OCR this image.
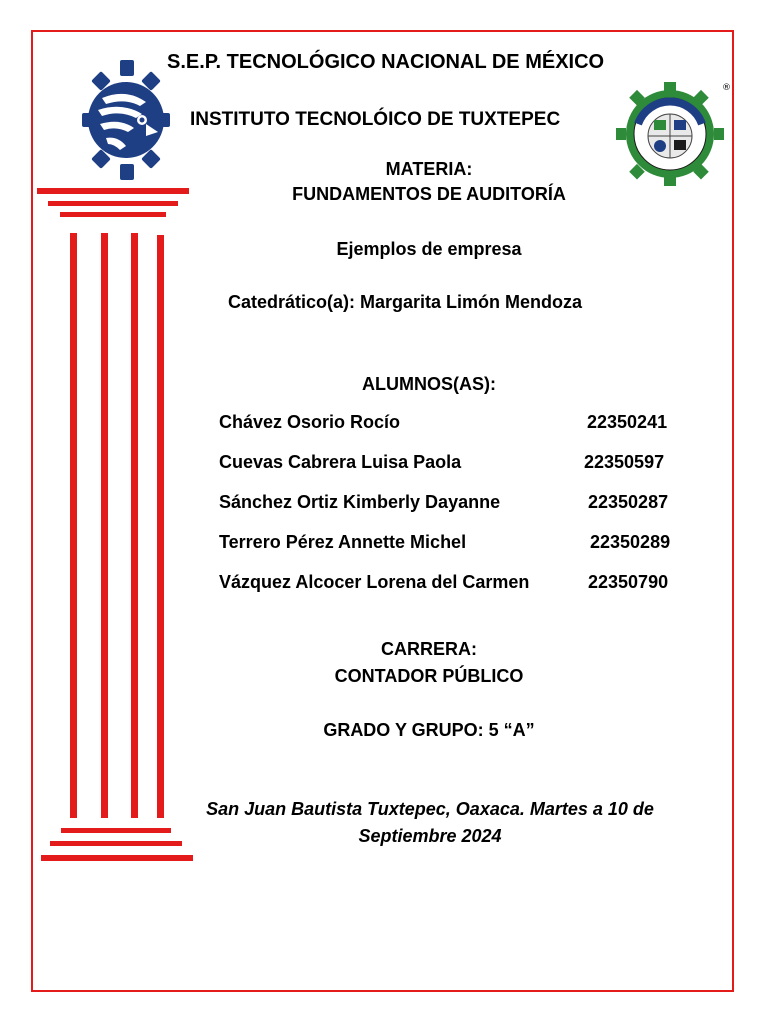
®
S.E.P. TECNOLÓGICO NACIONAL DE MÉXICO
INSTITUTO TECNOLÓICO DE TUXTEPEC
MATERIA:
FUNDAMENTOS DE AUDITORÍA
Ejemplos de empresa
Catedrático(a): Margarita Limón Mendoza
ALUMNOS(AS):
Chávez Osorio Rocío	22350241
Cuevas Cabrera Luisa Paola	22350597
Sánchez Ortiz Kimberly Dayanne	22350287
Terrero Pérez Annette Michel	22350289
Vázquez Alcocer Lorena del Carmen	22350790
CARRERA:
CONTADOR PÚBLICO
GRADO Y GRUPO: 5 “A”
San Juan Bautista Tuxtepec, Oaxaca. Martes a 10 de
Septiembre 2024
